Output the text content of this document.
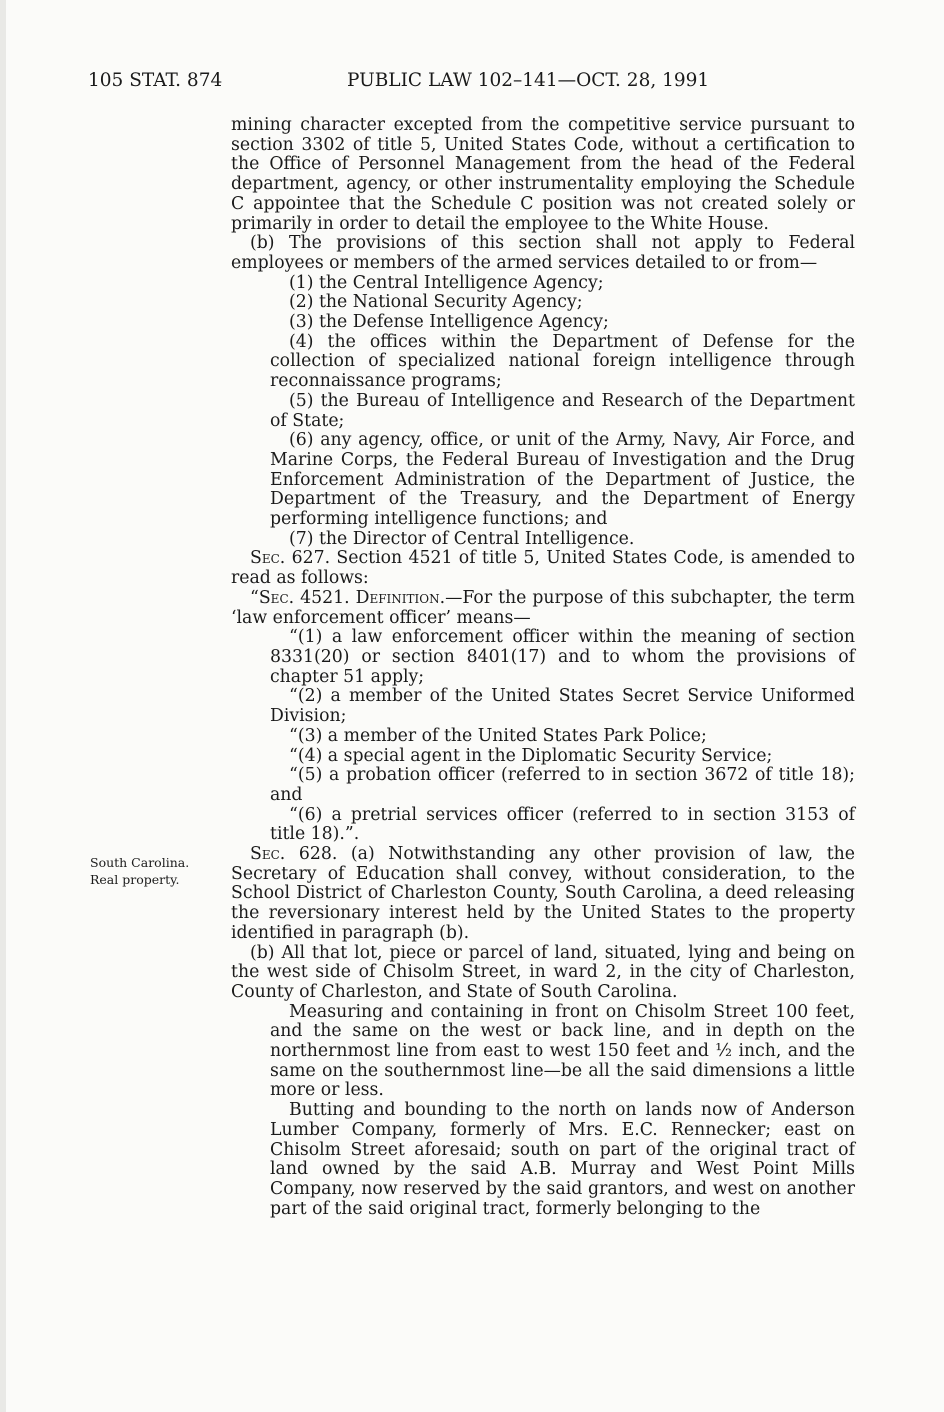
105 STAT. 874	PUBLIC LAW 102–141—OCT. 28, 1991
South Carolina.
Real property.

mining character excepted from the competitive service pursuant to section 3302 of title 5, United States Code, without a certification to the Office of Personnel Management from the head of the Federal department, agency, or other instrumentality employing the Schedule C appointee that the Schedule C position was not created solely or primarily in order to detail the employee to the White House.

(b) The provisions of this section shall not apply to Federal employees or members of the armed services detailed to or from—

(1) the Central Intelligence Agency;

(2) the National Security Agency;

(3) the Defense Intelligence Agency;

(4) the offices within the Department of Defense for the collection of specialized national foreign intelligence through reconnaissance programs;

(5) the Bureau of Intelligence and Research of the Department of State;

(6) any agency, office, or unit of the Army, Navy, Air Force, and Marine Corps, the Federal Bureau of Investigation and the Drug Enforcement Administration of the Department of Justice, the Department of the Treasury, and the Department of Energy performing intelligence functions; and

(7) the Director of Central Intelligence.

Sec. 627. Section 4521 of title 5, United States Code, is amended to read as follows:

“Sec. 4521. Definition.—For the purpose of this subchapter, the term ‘law enforcement officer’ means—

“(1) a law enforcement officer within the meaning of section 8331(20) or section 8401(17) and to whom the provisions of chapter 51 apply;

“(2) a member of the United States Secret Service Uniformed Division;

“(3) a member of the United States Park Police;

“(4) a special agent in the Diplomatic Security Service;

“(5) a probation officer (referred to in section 3672 of title 18); and

“(6) a pretrial services officer (referred to in section 3153 of title 18).”.

Sec. 628. (a) Notwithstanding any other provision of law, the Secretary of Education shall convey, without consideration, to the School District of Charleston County, South Carolina, a deed releasing the reversionary interest held by the United States to the property identified in paragraph (b).

(b) All that lot, piece or parcel of land, situated, lying and being on the west side of Chisolm Street, in ward 2, in the city of Charleston, County of Charleston, and State of South Carolina.

Measuring and containing in front on Chisolm Street 100 feet, and the same on the west or back line, and in depth on the northernmost line from east to west 150 feet and ½ inch, and the same on the southernmost line—be all the said dimensions a little more or less.

Butting and bounding to the north on lands now of Anderson Lumber Company, formerly of Mrs. E.C. Rennecker; east on Chisolm Street aforesaid; south on part of the original tract of land owned by the said A.B. Murray and West Point Mills Company, now reserved by the said grantors, and west on another part of the said original tract, formerly belonging to the
